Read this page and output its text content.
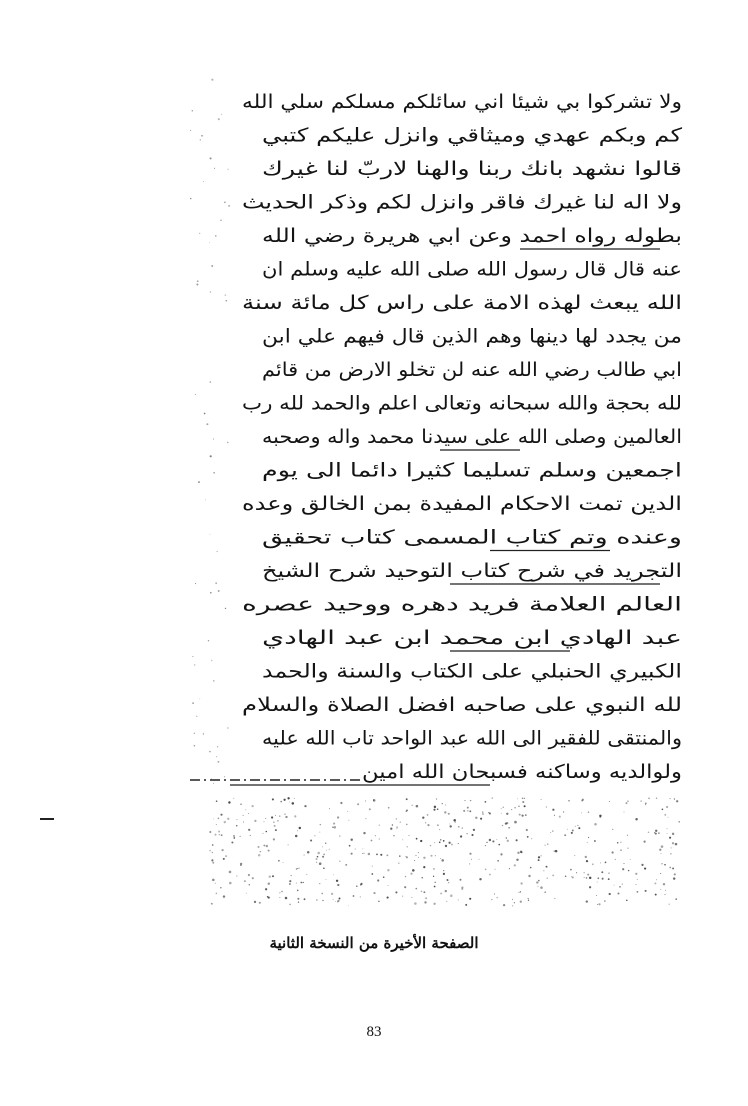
ولا تشركوا بي شيئا اني سائلكم مسلكم سلي الله
كم وبكم عهدي وميثاقي وانزل عليكم كتبي
قالوا نشهد بانك ربنا والهنا لاربّ لنا غيرك
ولا اله لنا غيرك فاقر وانزل لكم وذكر الحديث
بطوله رواه احمد وعن ابي هريرة رضي الله
عنه قال قال رسول الله صلى الله عليه وسلم ان
الله يبعث لهذه الامة على راس كل مائة سنة
من يجدد لها دينها وهم الذين قال فيهم علي ابن
ابي طالب رضي الله عنه لن تخلو الارض من قائم
لله بحجة والله سبحانه وتعالى اعلم والحمد لله رب
العالمين وصلى الله على سيدنا محمد واله وصحبه
اجمعين وسلم تسليما كثيرا دائما الى يوم
الدين تمت الاحكام المفيدة بمن الخالق وعده
وعنده وتم كتاب المسمى كتاب تحقيق
التجريد في شرح كتاب التوحيد شرح الشيخ
العالم العلامة فريد دهره ووحيد عصره
عبد الهادي ابن محمد ابن عبد الهادي
الكبيري الحنبلي على الكتاب والسنة والحمد
لله النبوي على صاحبه افضل الصلاة والسلام
والمنتقى للفقير الى الله عبد الواحد تاب الله عليه
ولوالديه وساكنه فسبحان الله امين
الصفحة الأخيرة من النسخة الثانية
83
